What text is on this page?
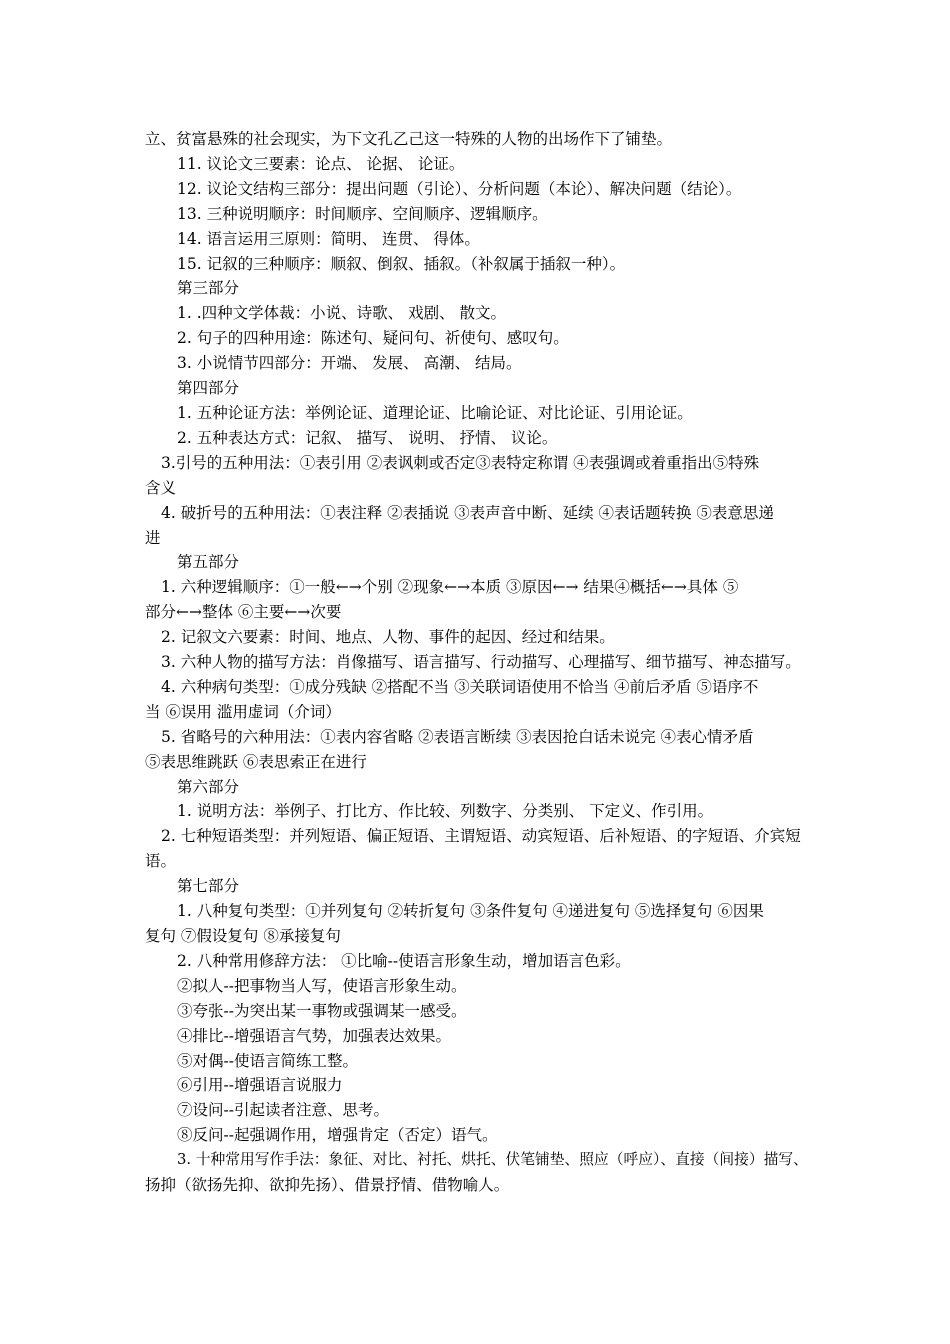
立、贫富悬殊的社会现实，为下文孔乙己这一特殊的人物的出场作下了铺垫。
11. 议论文三要素：论点、 论据、 论证。
12. 议论文结构三部分：提出问题（引论）、分析问题（本论）、解决问题（结论）。
13. 三种说明顺序：时间顺序、空间顺序、逻辑顺序。
14. 语言运用三原则：简明、 连贯、 得体。
15. 记叙的三种顺序：顺叙、倒叙、插叙。（补叙属于插叙一种）。
第三部分
1. .四种文学体裁：小说、诗歌、 戏剧、 散文。
2. 句子的四种用途：陈述句、疑问句、祈使句、感叹句。
3. 小说情节四部分：开端、 发展、 高潮、 结局。
第四部分
1. 五种论证方法：举例论证、道理论证、比喻论证、对比论证、引用论证。
2. 五种表达方式：记叙、 描写、 说明、 抒情、 议论。
3.引号的五种用法：①表引用 ②表讽刺或否定③表特定称谓 ④表强调或着重指出⑤特殊
含义
4. 破折号的五种用法：①表注释 ②表插说 ③表声音中断、延续 ④表话题转换 ⑤表意思递
进
第五部分
1. 六种逻辑顺序：①一般←→个别 ②现象←→本质 ③原因←→ 结果④概括←→具体 ⑤
部分←→整体 ⑥主要←→次要
2. 记叙文六要素：时间、地点、人物、事件的起因、经过和结果。
3. 六种人物的描写方法：肖像描写、语言描写、行动描写、心理描写、细节描写、神态描写。
4. 六种病句类型：①成分残缺 ②搭配不当 ③关联词语使用不恰当 ④前后矛盾 ⑤语序不
当 ⑥误用 滥用虚词（介词）
5. 省略号的六种用法：①表内容省略 ②表语言断续 ③表因抢白话未说完 ④表心情矛盾
⑤表思维跳跃 ⑥表思索正在进行
第六部分
1. 说明方法：举例子、打比方、作比较、列数字、分类别、 下定义、作引用。
2. 七种短语类型：并列短语、偏正短语、主谓短语、动宾短语、后补短语、的字短语、介宾短
语。
第七部分
1. 八种复句类型：①并列复句 ②转折复句 ③条件复句 ④递进复句 ⑤选择复句 ⑥因果
复句 ⑦假设复句 ⑧承接复句
2. 八种常用修辞方法： ①比喻--使语言形象生动，增加语言色彩。
②拟人--把事物当人写，使语言形象生动。
③夸张--为突出某一事物或强调某一感受。
④排比--增强语言气势，加强表达效果。
⑤对偶--使语言简练工整。
⑥引用--增强语言说服力
⑦设问--引起读者注意、思考。
⑧反问--起强调作用，增强肯定（否定）语气。
3. 十种常用写作手法：象征、对比、衬托、烘托、伏笔铺垫、照应（呼应）、直接（间接）描写、
扬抑（欲扬先抑、欲抑先扬）、借景抒情、借物喻人。
